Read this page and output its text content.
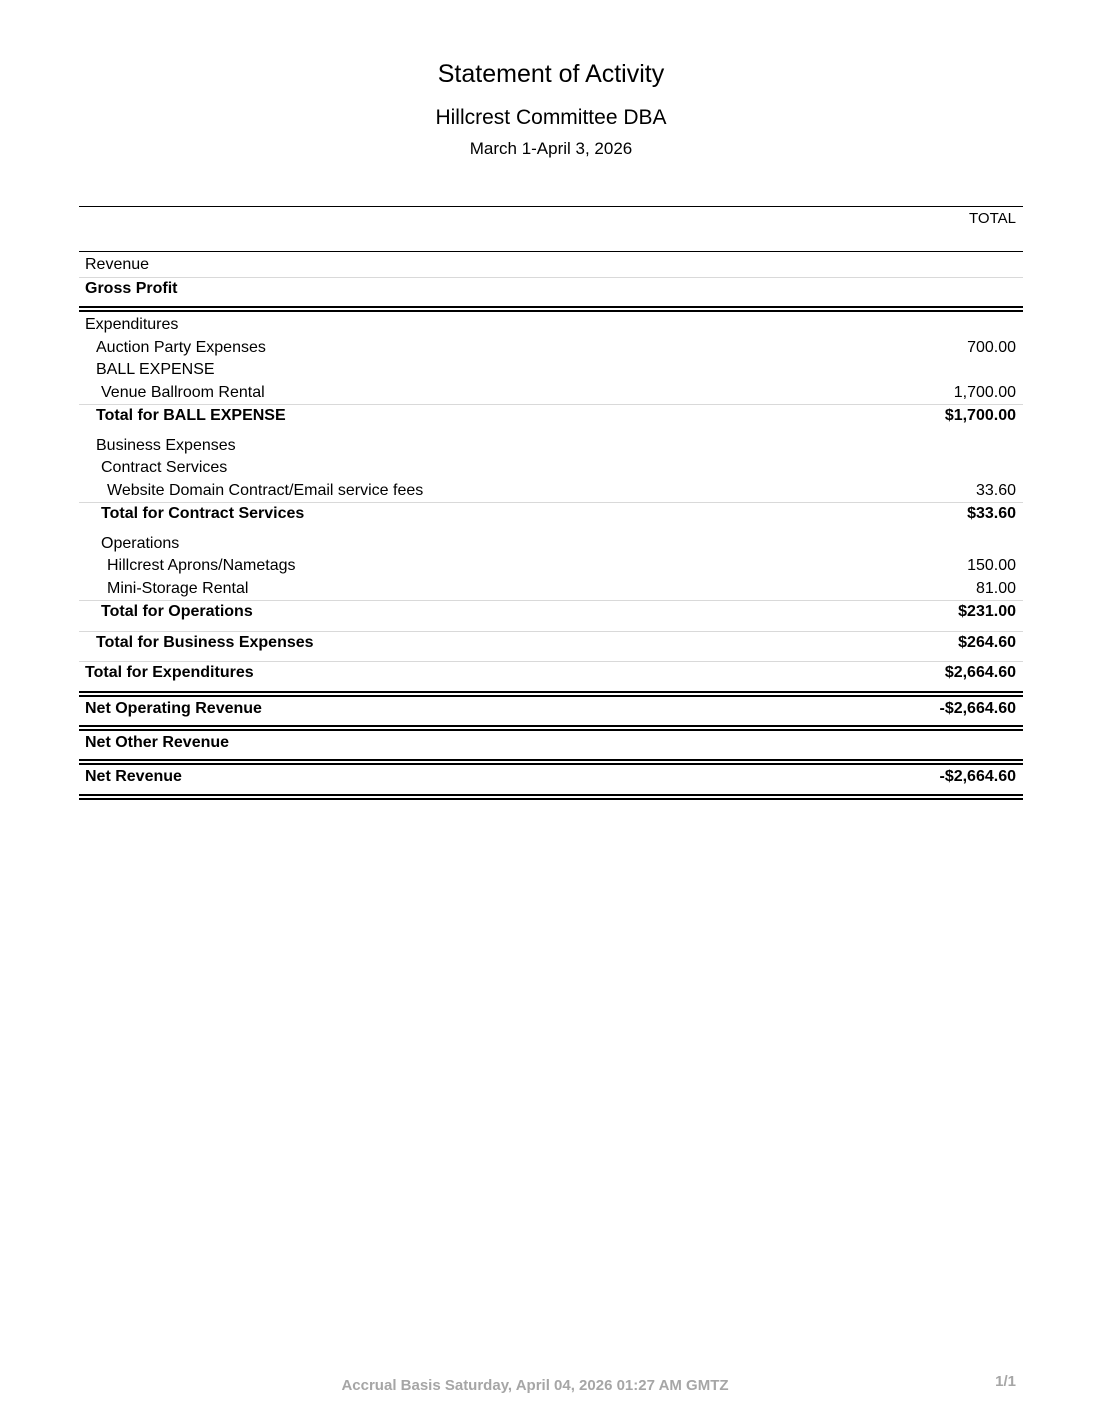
Statement of Activity
Hillcrest Committee DBA
March 1-April 3, 2026
TOTAL
Revenue
Gross Profit
Expenditures
Auction Party Expenses	700.00
BALL EXPENSE
Venue Ballroom Rental	1,700.00
Total for BALL EXPENSE	$1,700.00
Business Expenses
Contract Services
Website Domain Contract/Email service fees	33.60
Total for Contract Services	$33.60
Operations
Hillcrest Aprons/Nametags	150.00
Mini-Storage Rental	81.00
Total for Operations	$231.00
Total for Business Expenses	$264.60
Total for Expenditures	$2,664.60
Net Operating Revenue	-$2,664.60
Net Other Revenue
Net Revenue	-$2,664.60
Accrual Basis Saturday, April 04, 2026 01:27 AM GMTZ	1/1
